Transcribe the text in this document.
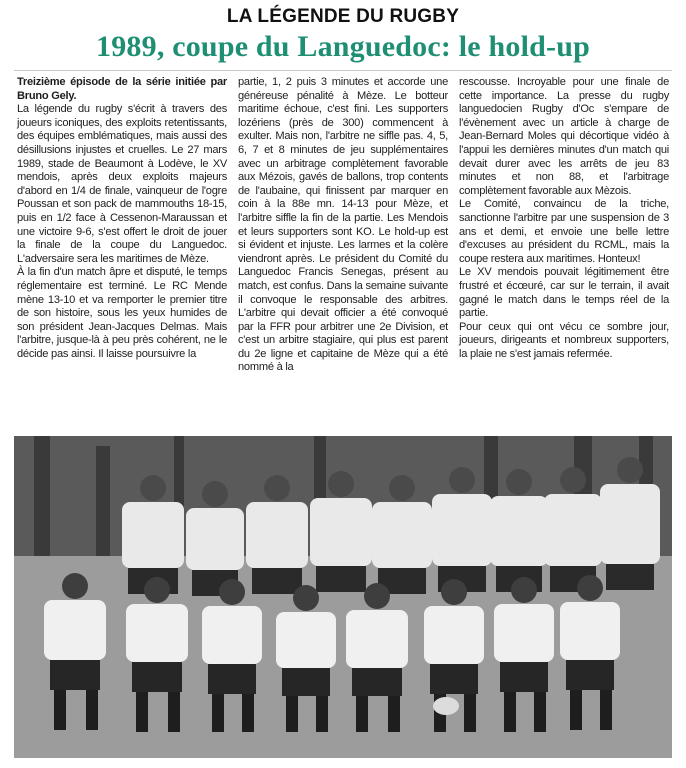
LA LÉGENDE DU RUGBY
1989, coupe du Languedoc: le hold-up

Treizième épisode de la série initiée par Bruno Gely.

La légende du rugby s'écrit à travers des joueurs iconiques, des exploits retentissants, des équipes emblématiques, mais aussi des désillusions injustes et cruelles. Le 27 mars 1989, stade de Beaumont à Lodève, le XV mendois, après deux exploits majeurs d'abord en 1/4 de finale, vainqueur de l'ogre Poussan et son pack de mammouths 18-15, puis en 1/2 face à Cessenon-Maraussan et une victoire 9-6, s'est offert le droit de jouer la finale de la coupe du Languedoc. L'adversaire sera les maritimes de Mèze.

À la fin d'un match âpre et disputé, le temps réglementaire est terminé. Le RC Mende mène 13-10 et va remporter le premier titre de son histoire, sous les yeux humides de son président Jean-Jacques Delmas. Mais l'arbitre, jusque-là à peu près cohérent, ne le décide pas ainsi. Il laisse poursuivre la

partie, 1, 2 puis 3 minutes et accorde une généreuse pénalité à Mèze. Le botteur maritime échoue, c'est fini. Les supporters lozériens (près de 300) commencent à exulter. Mais non, l'arbitre ne siffle pas. 4, 5, 6, 7 et 8 minutes de jeu supplémentaires avec un arbitrage complètement favorable aux Mézois, gavés de ballons, trop contents de l'aubaine, qui finissent par marquer en coin à la 88e mn. 14-13 pour Mèze, et l'arbitre siffle la fin de la partie. Les Mendois et leurs supporters sont KO. Le hold-up est si évident et injuste. Les larmes et la colère viendront après. Le président du Comité du Languedoc Francis Senegas, présent au match, est confus. Dans la semaine suivante il convoque le responsable des arbitres. L'arbitre qui devait officier a été convoqué par la FFR pour arbitrer une 2e Division, et c'est un arbitre stagiaire, qui plus est parent du 2e ligne et capitaine de Mèze qui a été nommé à la

rescousse. Incroyable pour une finale de cette importance. La presse du rugby languedocien Rugby d'Oc s'empare de l'évènement avec un article à charge de Jean-Bernard Moles qui décortique vidéo à l'appui les dernières minutes d'un match qui devait durer avec les arrêts de jeu 83 minutes et non 88, et l'arbitrage complètement favorable aux Mèzois.

Le Comité, convaincu de la triche, sanctionne l'arbitre par une suspension de 3 ans et demi, et envoie une belle lettre d'excuses au président du RCML, mais la coupe restera aux maritimes. Honteux!

Le XV mendois pouvait légitimement être frustré et écœuré, car sur le terrain, il avait gagné le match dans le temps réel de la partie.

Pour ceux qui ont vécu ce sombre jour, joueurs, dirigeants et nombreux supporters, la plaie ne s'est jamais refermée.
